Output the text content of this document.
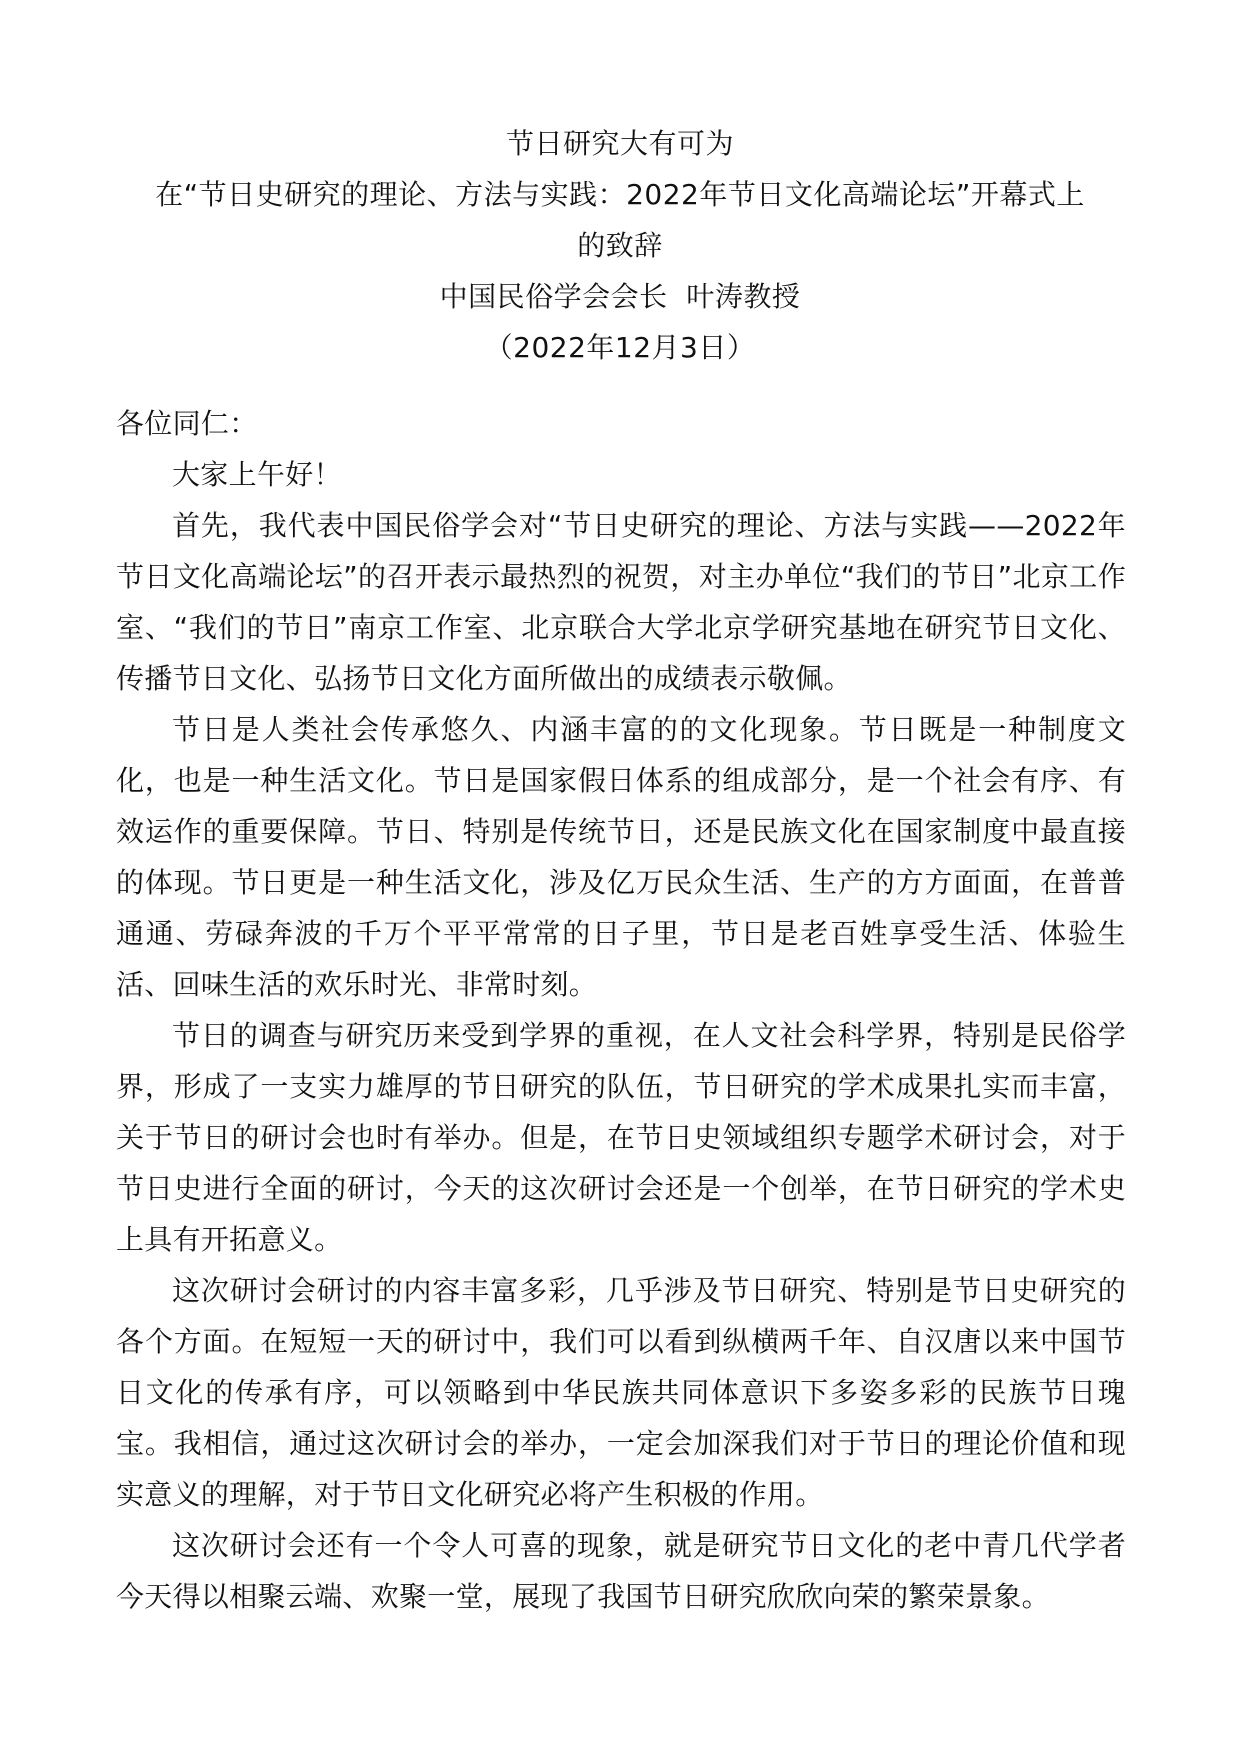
节日研究大有可为
在“节日史研究的理论、方法与实践：2022年节日文化高端论坛”开幕式上
的致辞
中国民俗学会会长  叶涛教授
（2022年12月3日）

各位同仁：

大家上午好！

首先，我代表中国民俗学会对“节日史研究的理论、方法与实践——2022年节日文化高端论坛”的召开表示最热烈的祝贺，对主办单位“我们的节日”北京工作室、“我们的节日”南京工作室、北京联合大学北京学研究基地在研究节日文化、传播节日文化、弘扬节日文化方面所做出的成绩表示敬佩。

节日是人类社会传承悠久、内涵丰富的的文化现象。节日既是一种制度文化，也是一种生活文化。节日是国家假日体系的组成部分，是一个社会有序、有效运作的重要保障。节日、特别是传统节日，还是民族文化在国家制度中最直接的体现。节日更是一种生活文化，涉及亿万民众生活、生产的方方面面，在普普通通、劳碌奔波的千万个平平常常的日子里，节日是老百姓享受生活、体验生活、回味生活的欢乐时光、非常时刻。

节日的调查与研究历来受到学界的重视，在人文社会科学界，特别是民俗学界，形成了一支实力雄厚的节日研究的队伍，节日研究的学术成果扎实而丰富，关于节日的研讨会也时有举办。但是，在节日史领域组织专题学术研讨会，对于节日史进行全面的研讨，今天的这次研讨会还是一个创举，在节日研究的学术史上具有开拓意义。

这次研讨会研讨的内容丰富多彩，几乎涉及节日研究、特别是节日史研究的各个方面。在短短一天的研讨中，我们可以看到纵横两千年、自汉唐以来中国节日文化的传承有序，可以领略到中华民族共同体意识下多姿多彩的民族节日瑰宝。我相信，通过这次研讨会的举办，一定会加深我们对于节日的理论价值和现实意义的理解，对于节日文化研究必将产生积极的作用。

这次研讨会还有一个令人可喜的现象，就是研究节日文化的老中青几代学者今天得以相聚云端、欢聚一堂，展现了我国节日研究欣欣向荣的繁荣景象。
